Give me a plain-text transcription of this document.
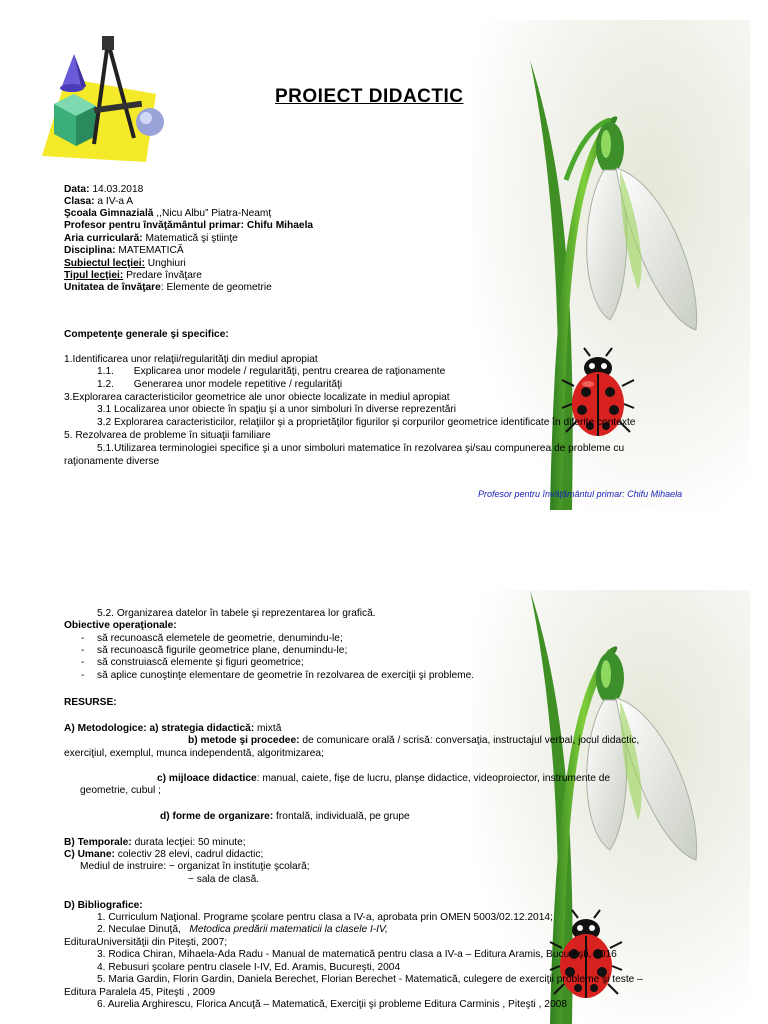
PROIECT DIDACTIC
Data: 14.03.2018
Clasa: a IV-a A
Şcoala Gimnazială ,,Nicu Albu” Piatra-Neamț
Profesor pentru învăţământul primar: Chifu Mihaela
Aria curriculară: Matematică şi ştiinţe
Disciplina: MATEMATICĂ
Subiectul lecţiei: Unghiuri
Tipul lecţiei: Predare învăţare
Unitatea de învăţare: Elemente de geometrie
Competenţe generale şi specifice:
1.Identificarea unor relaţii/regularităţi din mediul apropiat
1.1.       Explicarea unor modele / regularităţi, pentru crearea de raţionamente
1.2.       Generarea unor modele repetitive / regularităţi
3.Explorarea caracteristicilor geometrice ale unor obiecte localizate in mediul apropiat
3.1 Localizarea unor obiecte în spaţiu şi a unor simboluri în diverse reprezentări
3.2 Explorarea caracteristicilor, relaţiilor şi a proprietăţilor figurilor şi corpurilor geometrice identificate în diferite contexte
5. Rezolvarea de probleme în situaţii familiare
5.1.Utilizarea terminologiei specifice şi a unor simboluri matematice în rezolvarea şi/sau compunerea de probleme cu
raţionamente diverse
Profesor pentru învăţământul primar: Chifu Mihaela
5.2. Organizarea datelor în tabele şi reprezentarea lor grafică.
Obiective operaţionale:
- să recunoască elemetele de geometrie, denumindu-le;
- să recunoască figurile geometrice plane, denumindu-le;
- să construiască elemente şi figuri geometrice;
- să aplice cunoştinţe elementare de geometrie în rezolvarea de exerciţii şi probleme.
RESURSE:
A) Metodologice: a) strategia didactică: mixtă
b) metode şi procedee: de comunicare orală / scrisă: conversaţia, instructajul verbal, jocul didactic,
exerciţiul, exemplul, munca independentă, algoritmizarea;
c) mijloace didactice: manual, caiete, fişe de lucru, planşe didactice, videoproiector, instrumente de
geometrie, cubul ;
d) forme de organizare: frontală, individuală, pe grupe
B) Temporale: durata lecţiei: 50 minute;
C) Umane: colectiv 28 elevi, cadrul didactic;
Mediul de instruire: ~ organizat în instituţie şcolară;
~ sala de clasă.
D) Bibliografice:
1. Curriculum Naţional. Programe şcolare pentru clasa a IV-a, aprobata prin OMEN 5003/02.12.2014;
2. Neculae Dinuţă, Metodica predării matematicii la clasele I-IV,
EdituraUniversităţii din Piteşti, 2007;
3. Rodica Chiran, Mihaela-Ada Radu - Manual de matematică pentru clasa a IV-a – Editura Aramis, Bucureşti, 2016
4. Rebusuri şcolare pentru clasele I-IV, Ed. Aramis, Bucureşti, 2004
5. Maria Gardin, Florin Gardin, Daniela Berechet, Florian Berechet - Matematică, culegere de exerciţii probleme şi teste –
Editura Paralela 45, Piteşti , 2009
6. Aurelia Arghirescu, Florica Ancuţă – Matematică, Exerciţii şi probleme Editura Carminis , Piteşti , 2008
